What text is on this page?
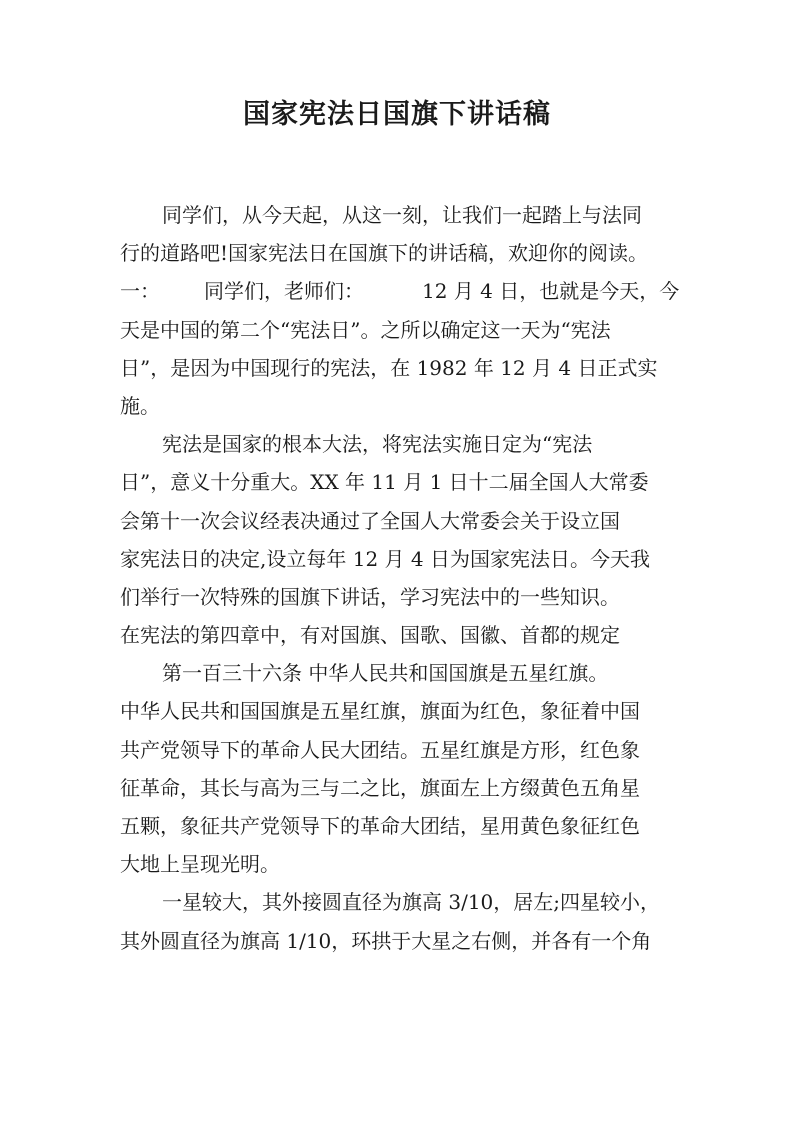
国家宪法日国旗下讲话稿
同学们，从今天起，从这一刻，让我们一起踏上与法同
行的道路吧!国家宪法日在国旗下的讲话稿，欢迎你的阅读。
一： 同学们，老师们：	12 月 4 日，也就是今天，今
天是中国的第二个“宪法日”。之所以确定这一天为“宪法
日”，是因为中国现行的宪法，在 1982 年 12 月 4 日正式实
施。
宪法是国家的根本大法，将宪法实施日定为“宪法
日”，意义十分重大。XX 年 11 月 1 日十二届全国人大常委
会第十一次会议经表决通过了全国人大常委会关于设立国
家宪法日的决定,设立每年 12 月 4 日为国家宪法日。今天我
们举行一次特殊的国旗下讲话，学习宪法中的一些知识。
在宪法的第四章中，有对国旗、国歌、国徽、首都的规定
第一百三十六条 中华人民共和国国旗是五星红旗。
中华人民共和国国旗是五星红旗，旗面为红色，象征着中国
共产党领导下的革命人民大团结。五星红旗是方形，红色象
征革命，其长与高为三与二之比，旗面左上方缀黄色五角星
五颗，象征共产党领导下的革命大团结，星用黄色象征红色
大地上呈现光明。
一星较大，其外接圆直径为旗高 3/10，居左;四星较小，
其外圆直径为旗高 1/10，环拱于大星之右侧，并各有一个角
